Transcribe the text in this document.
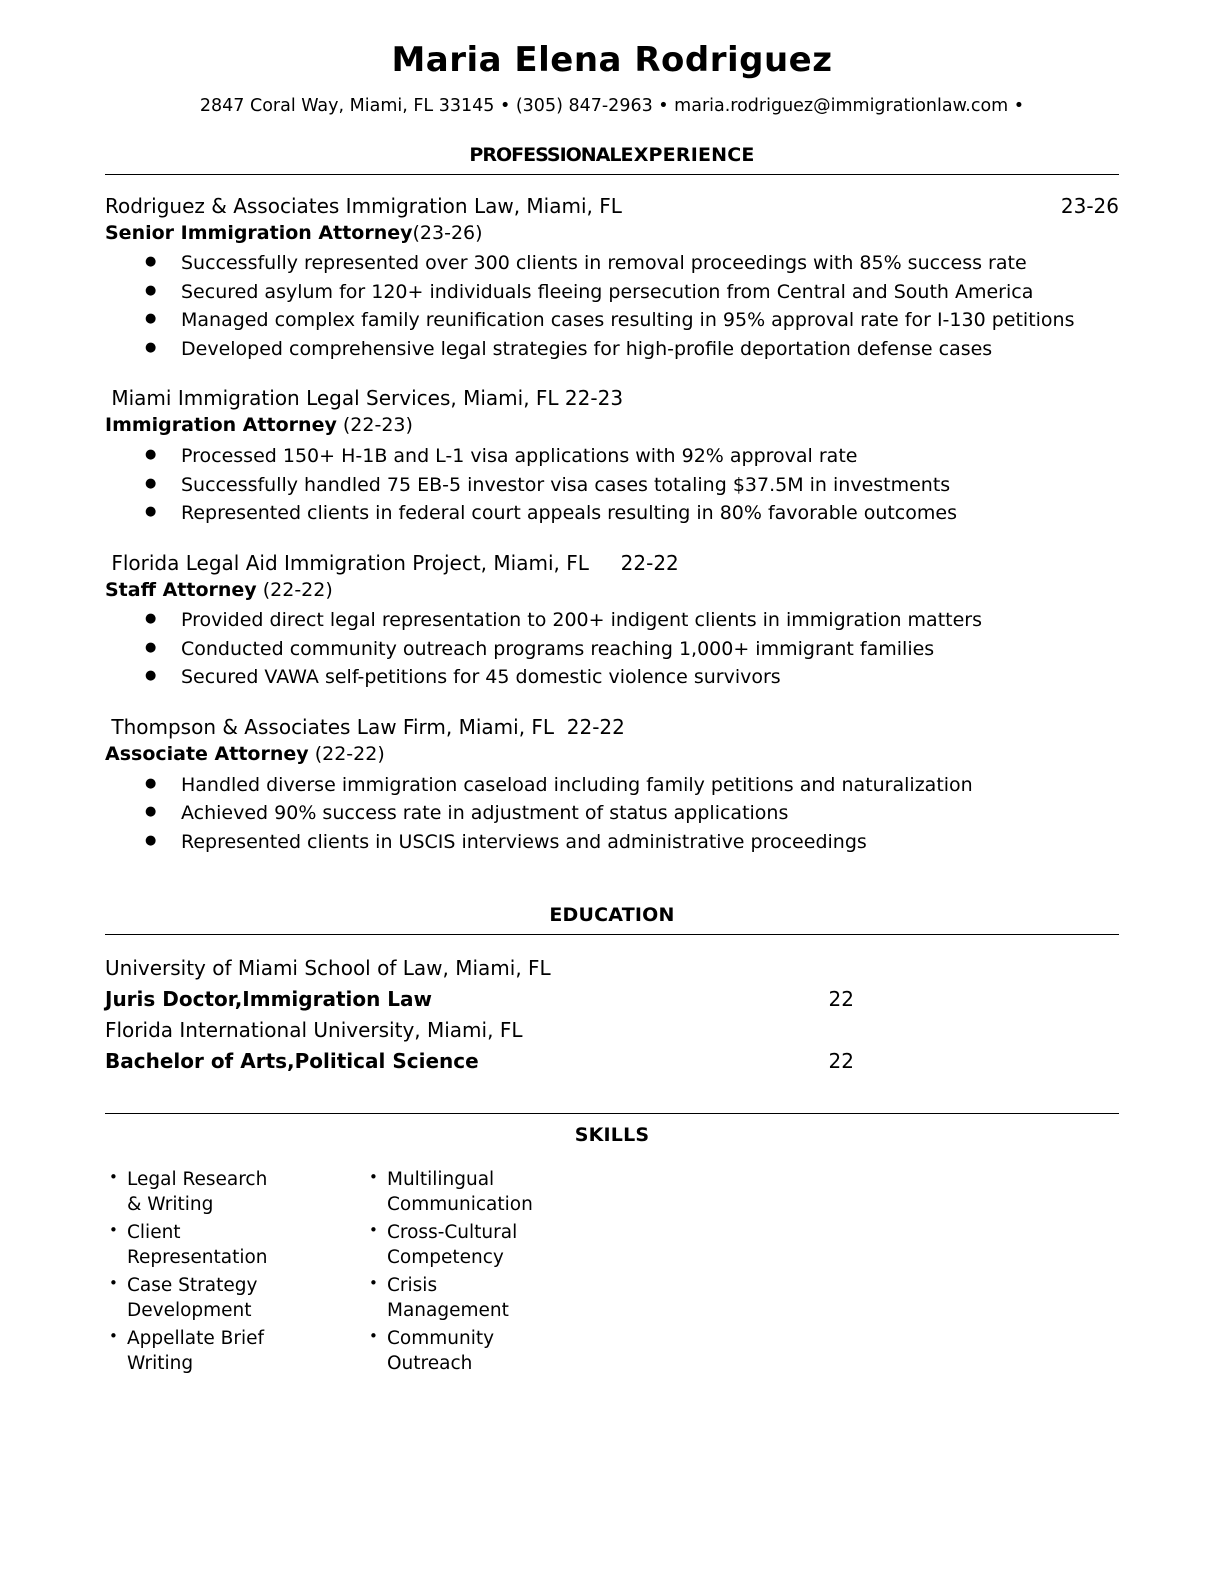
Maria Elena Rodriguez
2847 Coral Way, Miami, FL 33145 • (305) 847-2963 • maria.rodriguez@immigrationlaw.com •
PROFESSIONALEXPERIENCE
Rodriguez & Associates Immigration Law, Miami, FL	23-26
Senior Immigration Attorney(23-26)
● Successfully represented over 300 clients in removal proceedings with 85% success rate
● Secured asylum for 120+ individuals fleeing persecution from Central and South America
● Managed complex family reunification cases resulting in 95% approval rate for I-130 petitions
● Developed comprehensive legal strategies for high-profile deportation defense cases
Miami Immigration Legal Services, Miami, FL 22-23
Immigration Attorney (22-23)
● Processed 150+ H-1B and L-1 visa applications with 92% approval rate
● Successfully handled 75 EB-5 investor visa cases totaling $37.5M in investments
● Represented clients in federal court appeals resulting in 80% favorable outcomes
Florida Legal Aid Immigration Project, Miami, FL     22-22
Staff Attorney (22-22)
● Provided direct legal representation to 200+ indigent clients in immigration matters
● Conducted community outreach programs reaching 1,000+ immigrant families
● Secured VAWA self-petitions for 45 domestic violence survivors
Thompson & Associates Law Firm, Miami, FL  22-22
Associate Attorney (22-22)
● Handled diverse immigration caseload including family petitions and naturalization
● Achieved 90% success rate in adjustment of status applications
● Represented clients in USCIS interviews and administrative proceedings
EDUCATION
University of Miami School of Law, Miami, FL
Juris Doctor,Immigration Law	22
Florida International University, Miami, FL
Bachelor of Arts,Political Science	22
SKILLS
• Legal Research & Writing
• Client Representation
• Case Strategy Development
• Appellate Brief Writing
• Multilingual Communication
• Cross-Cultural Competency
• Crisis Management
• Community Outreach
